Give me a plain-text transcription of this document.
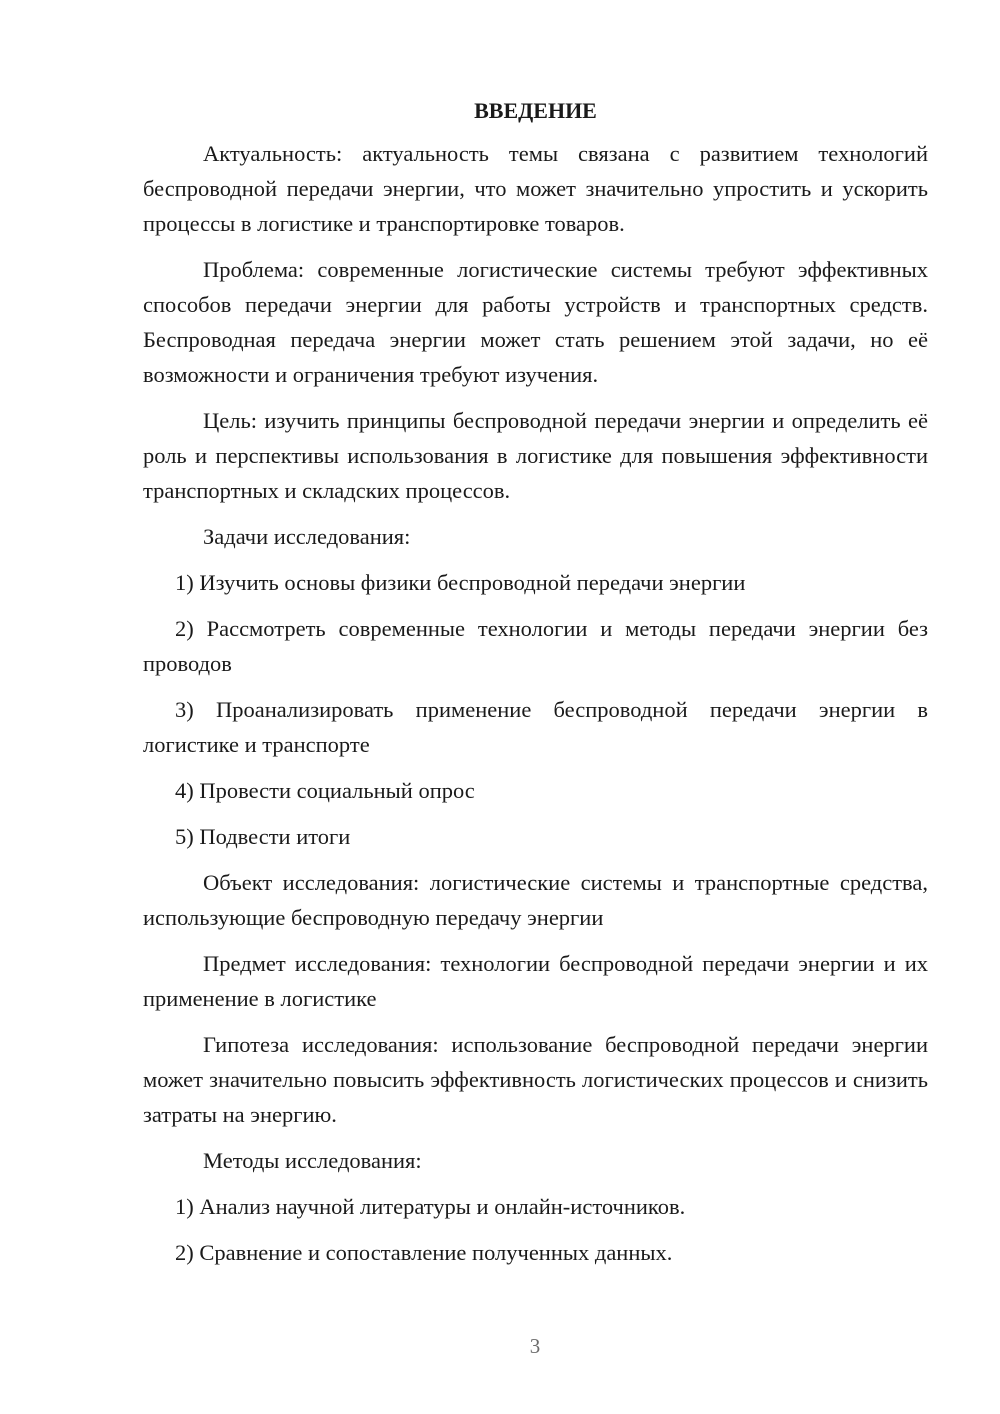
ВВЕДЕНИЕ

Актуальность: актуальность темы связана с развитием технологий беспроводной передачи энергии, что может значительно упростить и ускорить процессы в логистике и транспортировке товаров.

Проблема: современные логистические системы требуют эффективных способов передачи энергии для работы устройств и транспортных средств. Беспроводная передача энергии может стать решением этой задачи, но её возможности и ограничения требуют изучения.

Цель: изучить принципы беспроводной передачи энергии и определить её роль и перспективы использования в логистике для повышения эффективности транспортных и складских процессов.

Задачи исследования:

1) Изучить основы физики беспроводной передачи энергии

2) Рассмотреть современные технологии и методы передачи энергии без проводов

3) Проанализировать применение беспроводной передачи энергии в логистике и транспорте

4) Провести социальный опрос

5) Подвести итоги

Объект исследования: логистические системы и транспортные средства, использующие беспроводную передачу энергии

Предмет исследования: технологии беспроводной передачи энергии и их применение в логистике

Гипотеза исследования: использование беспроводной передачи энергии может значительно повысить эффективность логистических процессов и снизить затраты на энергию.

Методы исследования:

1) Анализ научной литературы и онлайн-источников.

2) Сравнение и сопоставление полученных данных.

3
